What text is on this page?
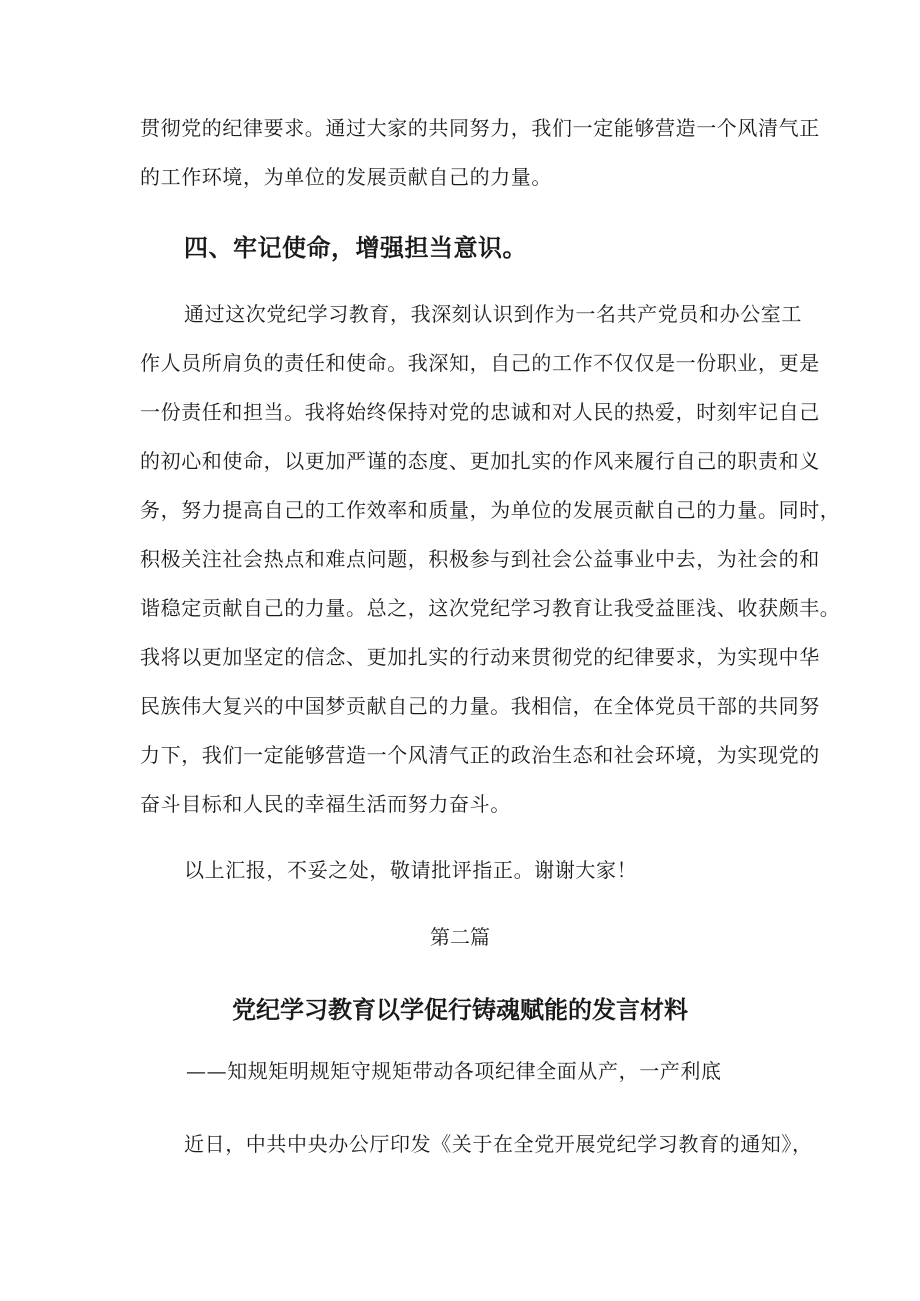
贯彻党的纪律要求。通过大家的共同努力，我们一定能够营造一个风清气正
的工作环境，为单位的发展贡献自己的力量。
四、牢记使命，增强担当意识。
通过这次党纪学习教育，我深刻认识到作为一名共产党员和办公室工
作人员所肩负的责任和使命。我深知，自己的工作不仅仅是一份职业，更是
一份责任和担当。我将始终保持对党的忠诚和对人民的热爱，时刻牢记自己
的初心和使命，以更加严谨的态度、更加扎实的作风来履行自己的职责和义
务，努力提高自己的工作效率和质量，为单位的发展贡献自己的力量。同时，
积极关注社会热点和难点问题，积极参与到社会公益事业中去，为社会的和
谐稳定贡献自己的力量。总之，这次党纪学习教育让我受益匪浅、收获颇丰。
我将以更加坚定的信念、更加扎实的行动来贯彻党的纪律要求，为实现中华
民族伟大复兴的中国梦贡献自己的力量。我相信，在全体党员干部的共同努
力下，我们一定能够营造一个风清气正的政治生态和社会环境，为实现党的
奋斗目标和人民的幸福生活而努力奋斗。
以上汇报，不妥之处，敬请批评指正。谢谢大家！
第二篇
党纪学习教育以学促行铸魂赋能的发言材料
——知规矩明规矩守规矩带动各项纪律全面从产，一产利底
近日，中共中央办公厅印发《关于在全党开展党纪学习教育的通知》，
